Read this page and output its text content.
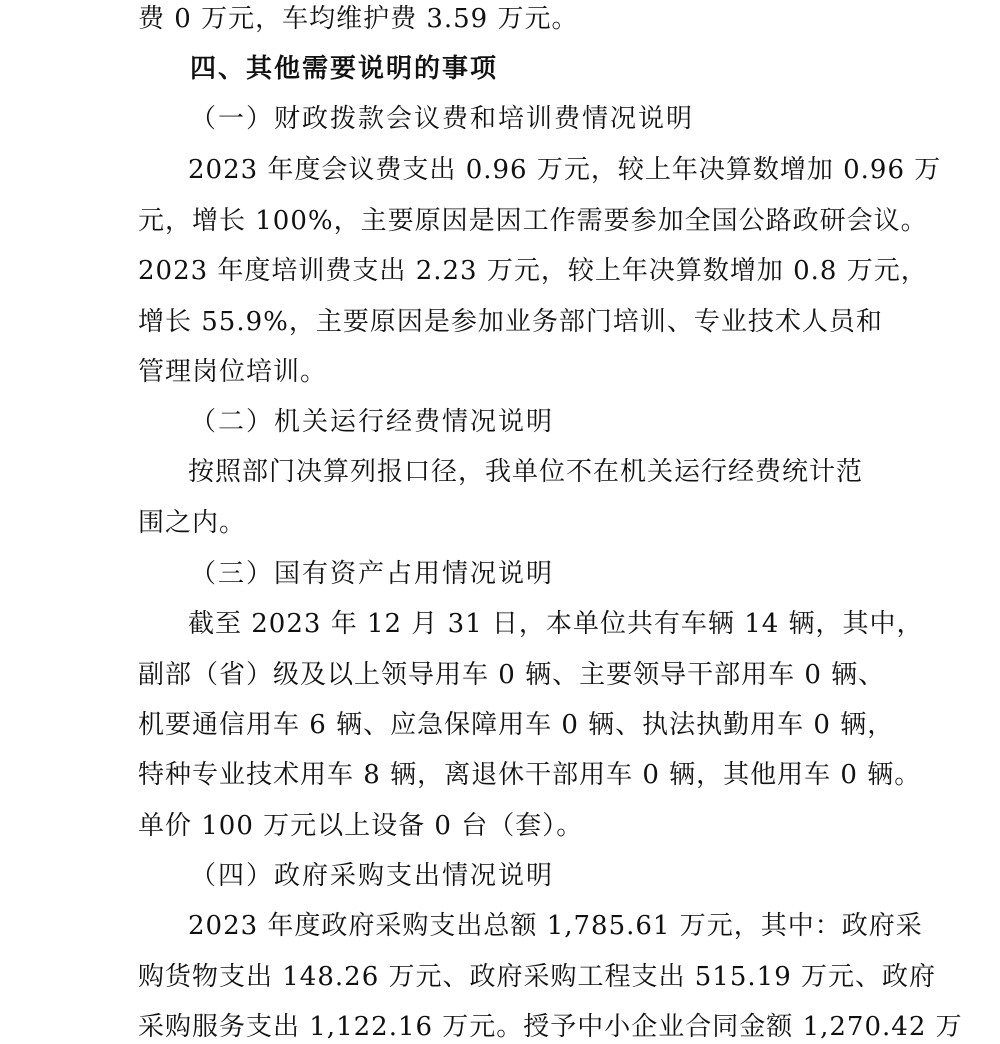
费 0 万元，车均维护费 3.59 万元。
四、其他需要说明的事项
（一）财政拨款会议费和培训费情况说明
2023 年度会议费支出 0.96 万元，较上年决算数增加 0.96 万
元，增长 100%，主要原因是因工作需要参加全国公路政研会议。
2023 年度培训费支出 2.23 万元，较上年决算数增加 0.8 万元，
增长 55.9%，主要原因是参加业务部门培训、专业技术人员和
管理岗位培训。
（二）机关运行经费情况说明
按照部门决算列报口径，我单位不在机关运行经费统计范
围之内。
（三）国有资产占用情况说明
截至 2023 年 12 月 31 日，本单位共有车辆 14 辆，其中，
副部（省）级及以上领导用车 0 辆、主要领导干部用车 0 辆、
机要通信用车 6 辆、应急保障用车 0 辆、执法执勤用车 0 辆，
特种专业技术用车 8 辆，离退休干部用车 0 辆，其他用车 0 辆。
单价 100 万元以上设备 0 台（套）。
（四）政府采购支出情况说明
2023 年度政府采购支出总额 1,785.61 万元，其中：政府采
购货物支出 148.26 万元、政府采购工程支出 515.19 万元、政府
采购服务支出 1,122.16 万元。授予中小企业合同金额 1,270.42 万
